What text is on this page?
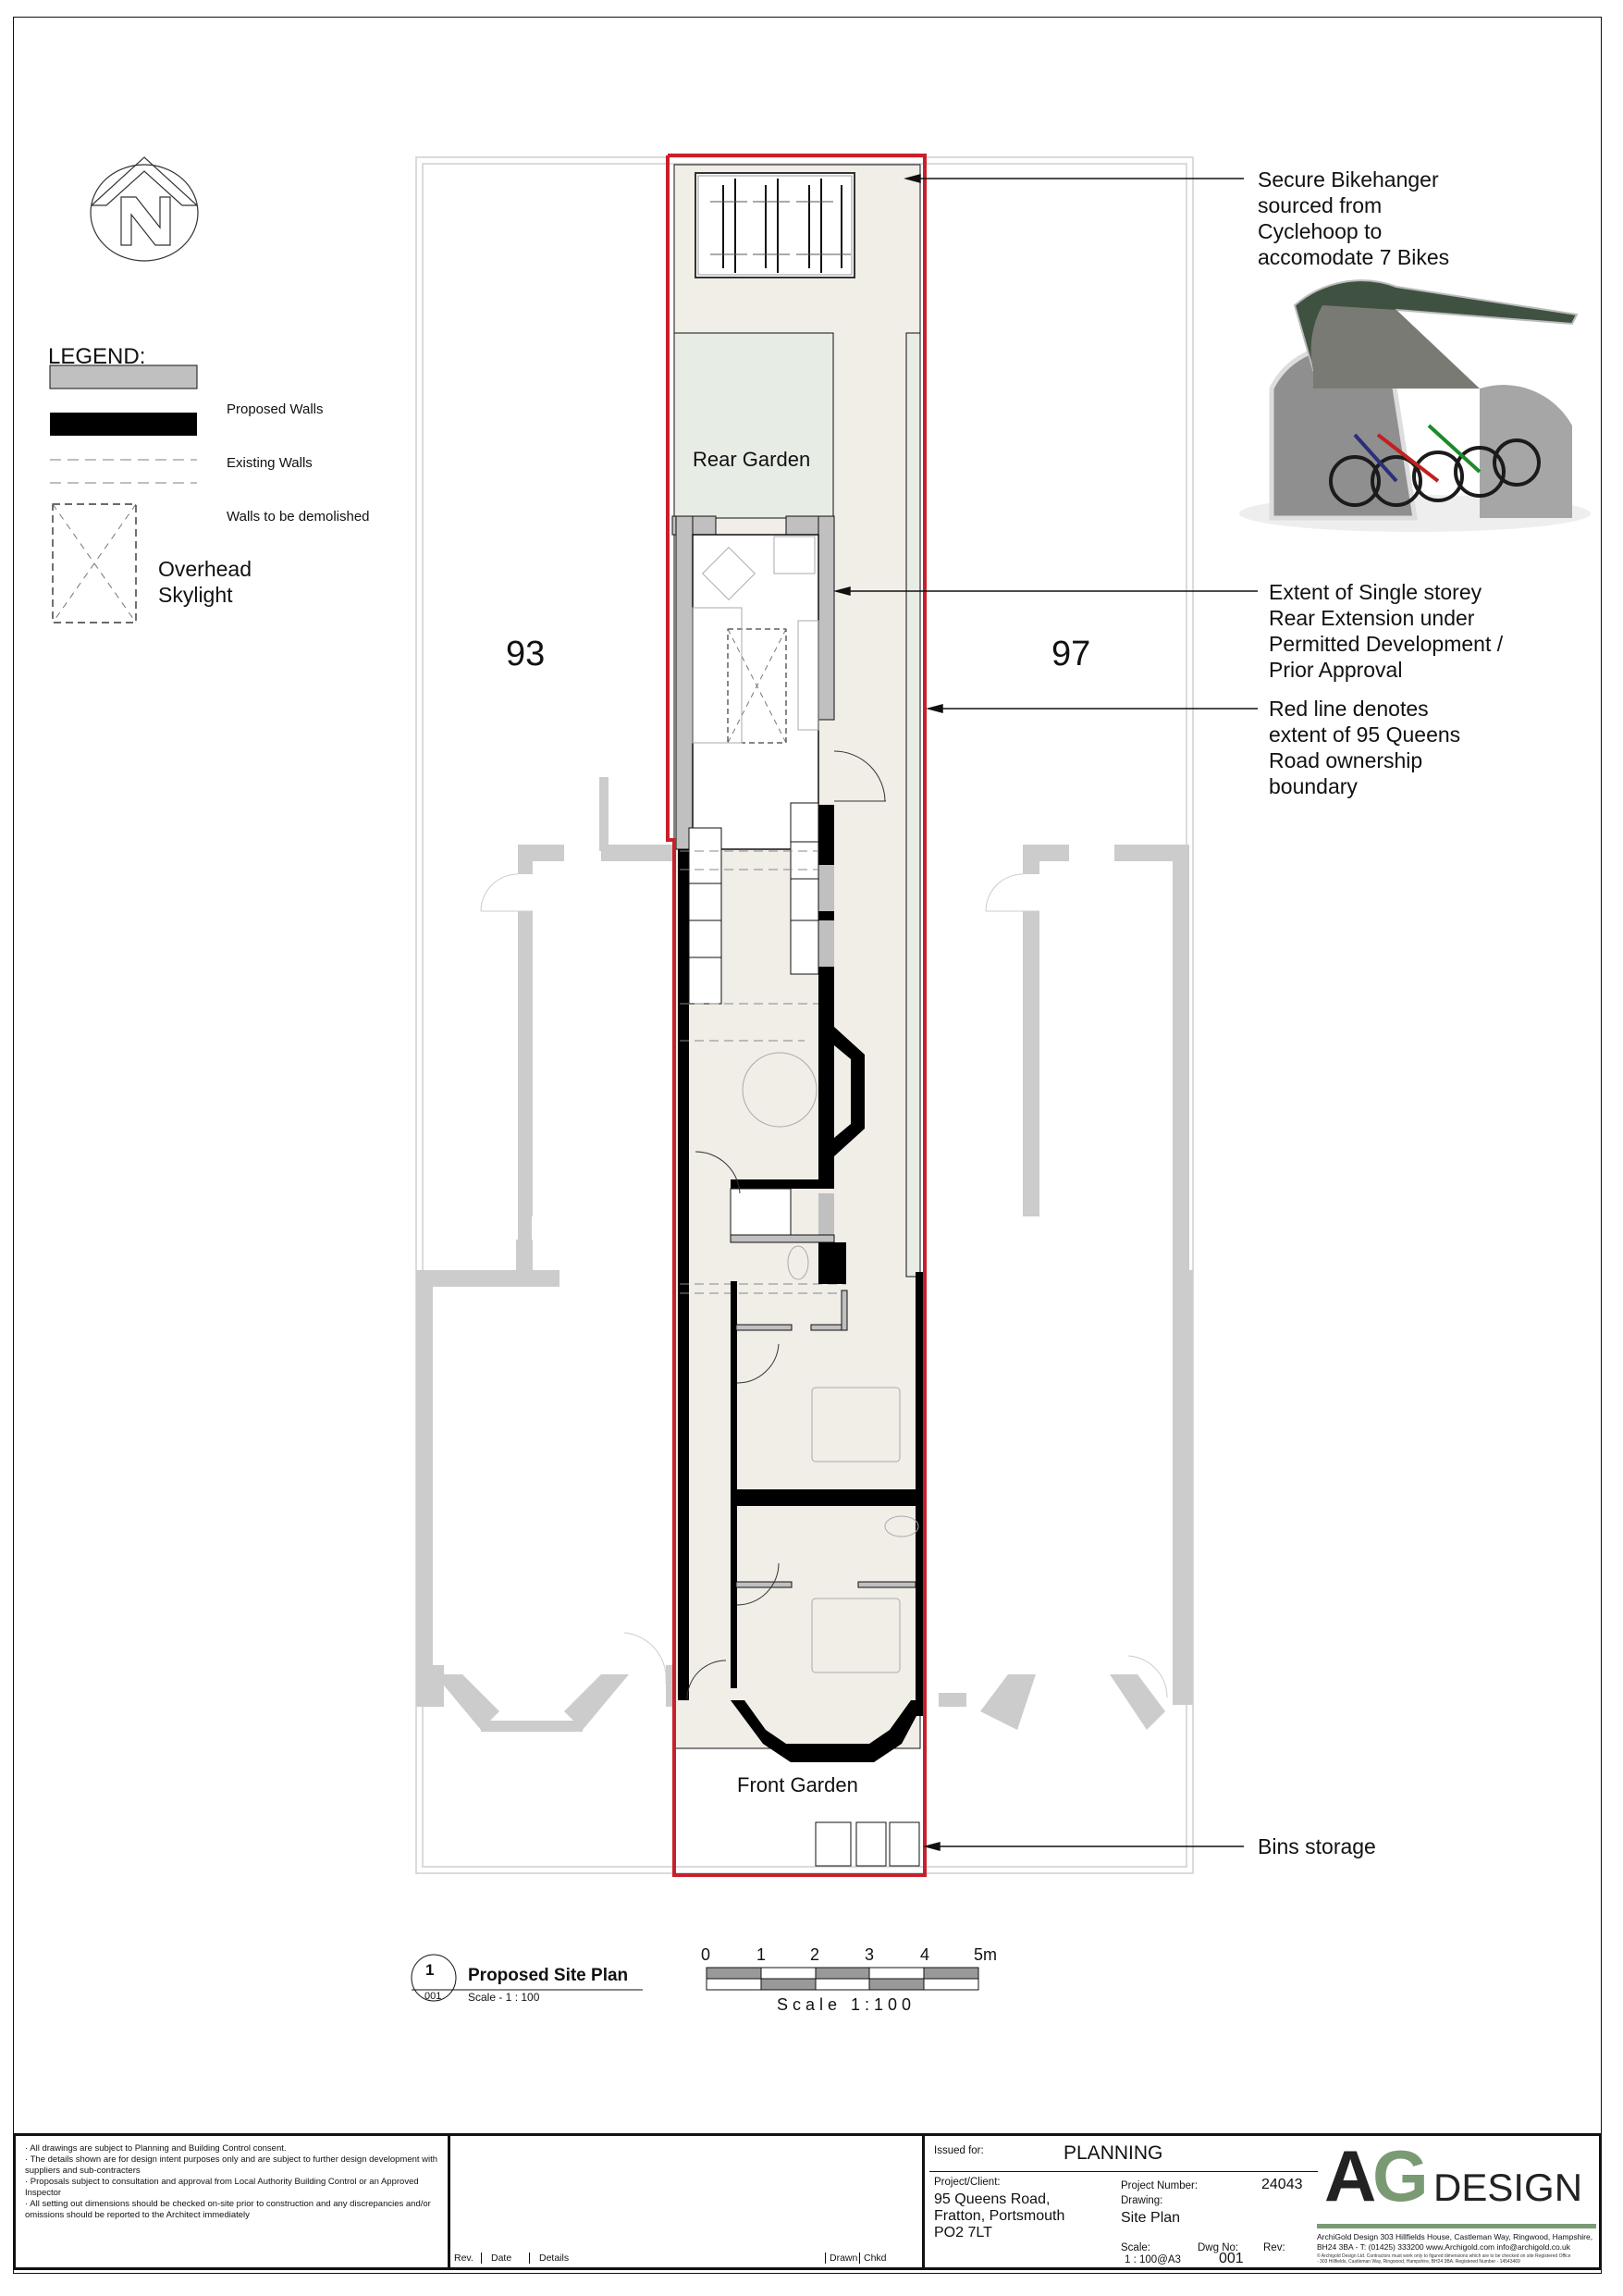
LEGEND:
Proposed Walls
Existing Walls
Walls to be demolished
Overhead
Skylight
93	97
Rear Garden
Front Garden
Secure Bikehanger
sourced from
Cyclehoop to
accomodate 7 Bikes
Extent of Single storey
Rear Extension under
Permitted Development /
Prior Approval
Red line denotes
extent of 95 Queens
Road ownership
boundary
Bins storage
1
001
Proposed Site Plan
Scale - 1 : 100
0	1	2	3	4	5m
Scale 1:100
· All drawings are subject to Planning and Building Control consent.
· The details shown are for design intent purposes only and are subject to further design development with suppliers and sub-contracters
· Proposals subject to consultation and approval from Local Authority Building Control or an Approved Inspector
· All setting out dimensions should be checked on-site prior to construction and any discrepancies and/or omissions should be reported to the Architect immediately
Rev.	Date	Details	Drawn Chkd
Issued for:	PLANNING
Project/Client:
95 Queens Road,
Fratton, Portsmouth
PO2 7LT
Project Number:	24043
Drawing:
Site Plan
Scale:
1 : 100@A3
Dwg No:
001
Rev:
A
G DESIGN
ArchiGold Design 303 Hillfields House, Castleman Way, Ringwood, Hampshire,
BH24 3BA - T: (01425) 333200 www.Archigold.com info@archigold.co.uk
© Archigold Design Ltd. Contractors must work only to figured dimensions which are to be checked on site Registered Office
- 303 Hillfields, Castleman Way, Ringwood, Hampshire, BH24 3BA. Registered Number - 14543469
